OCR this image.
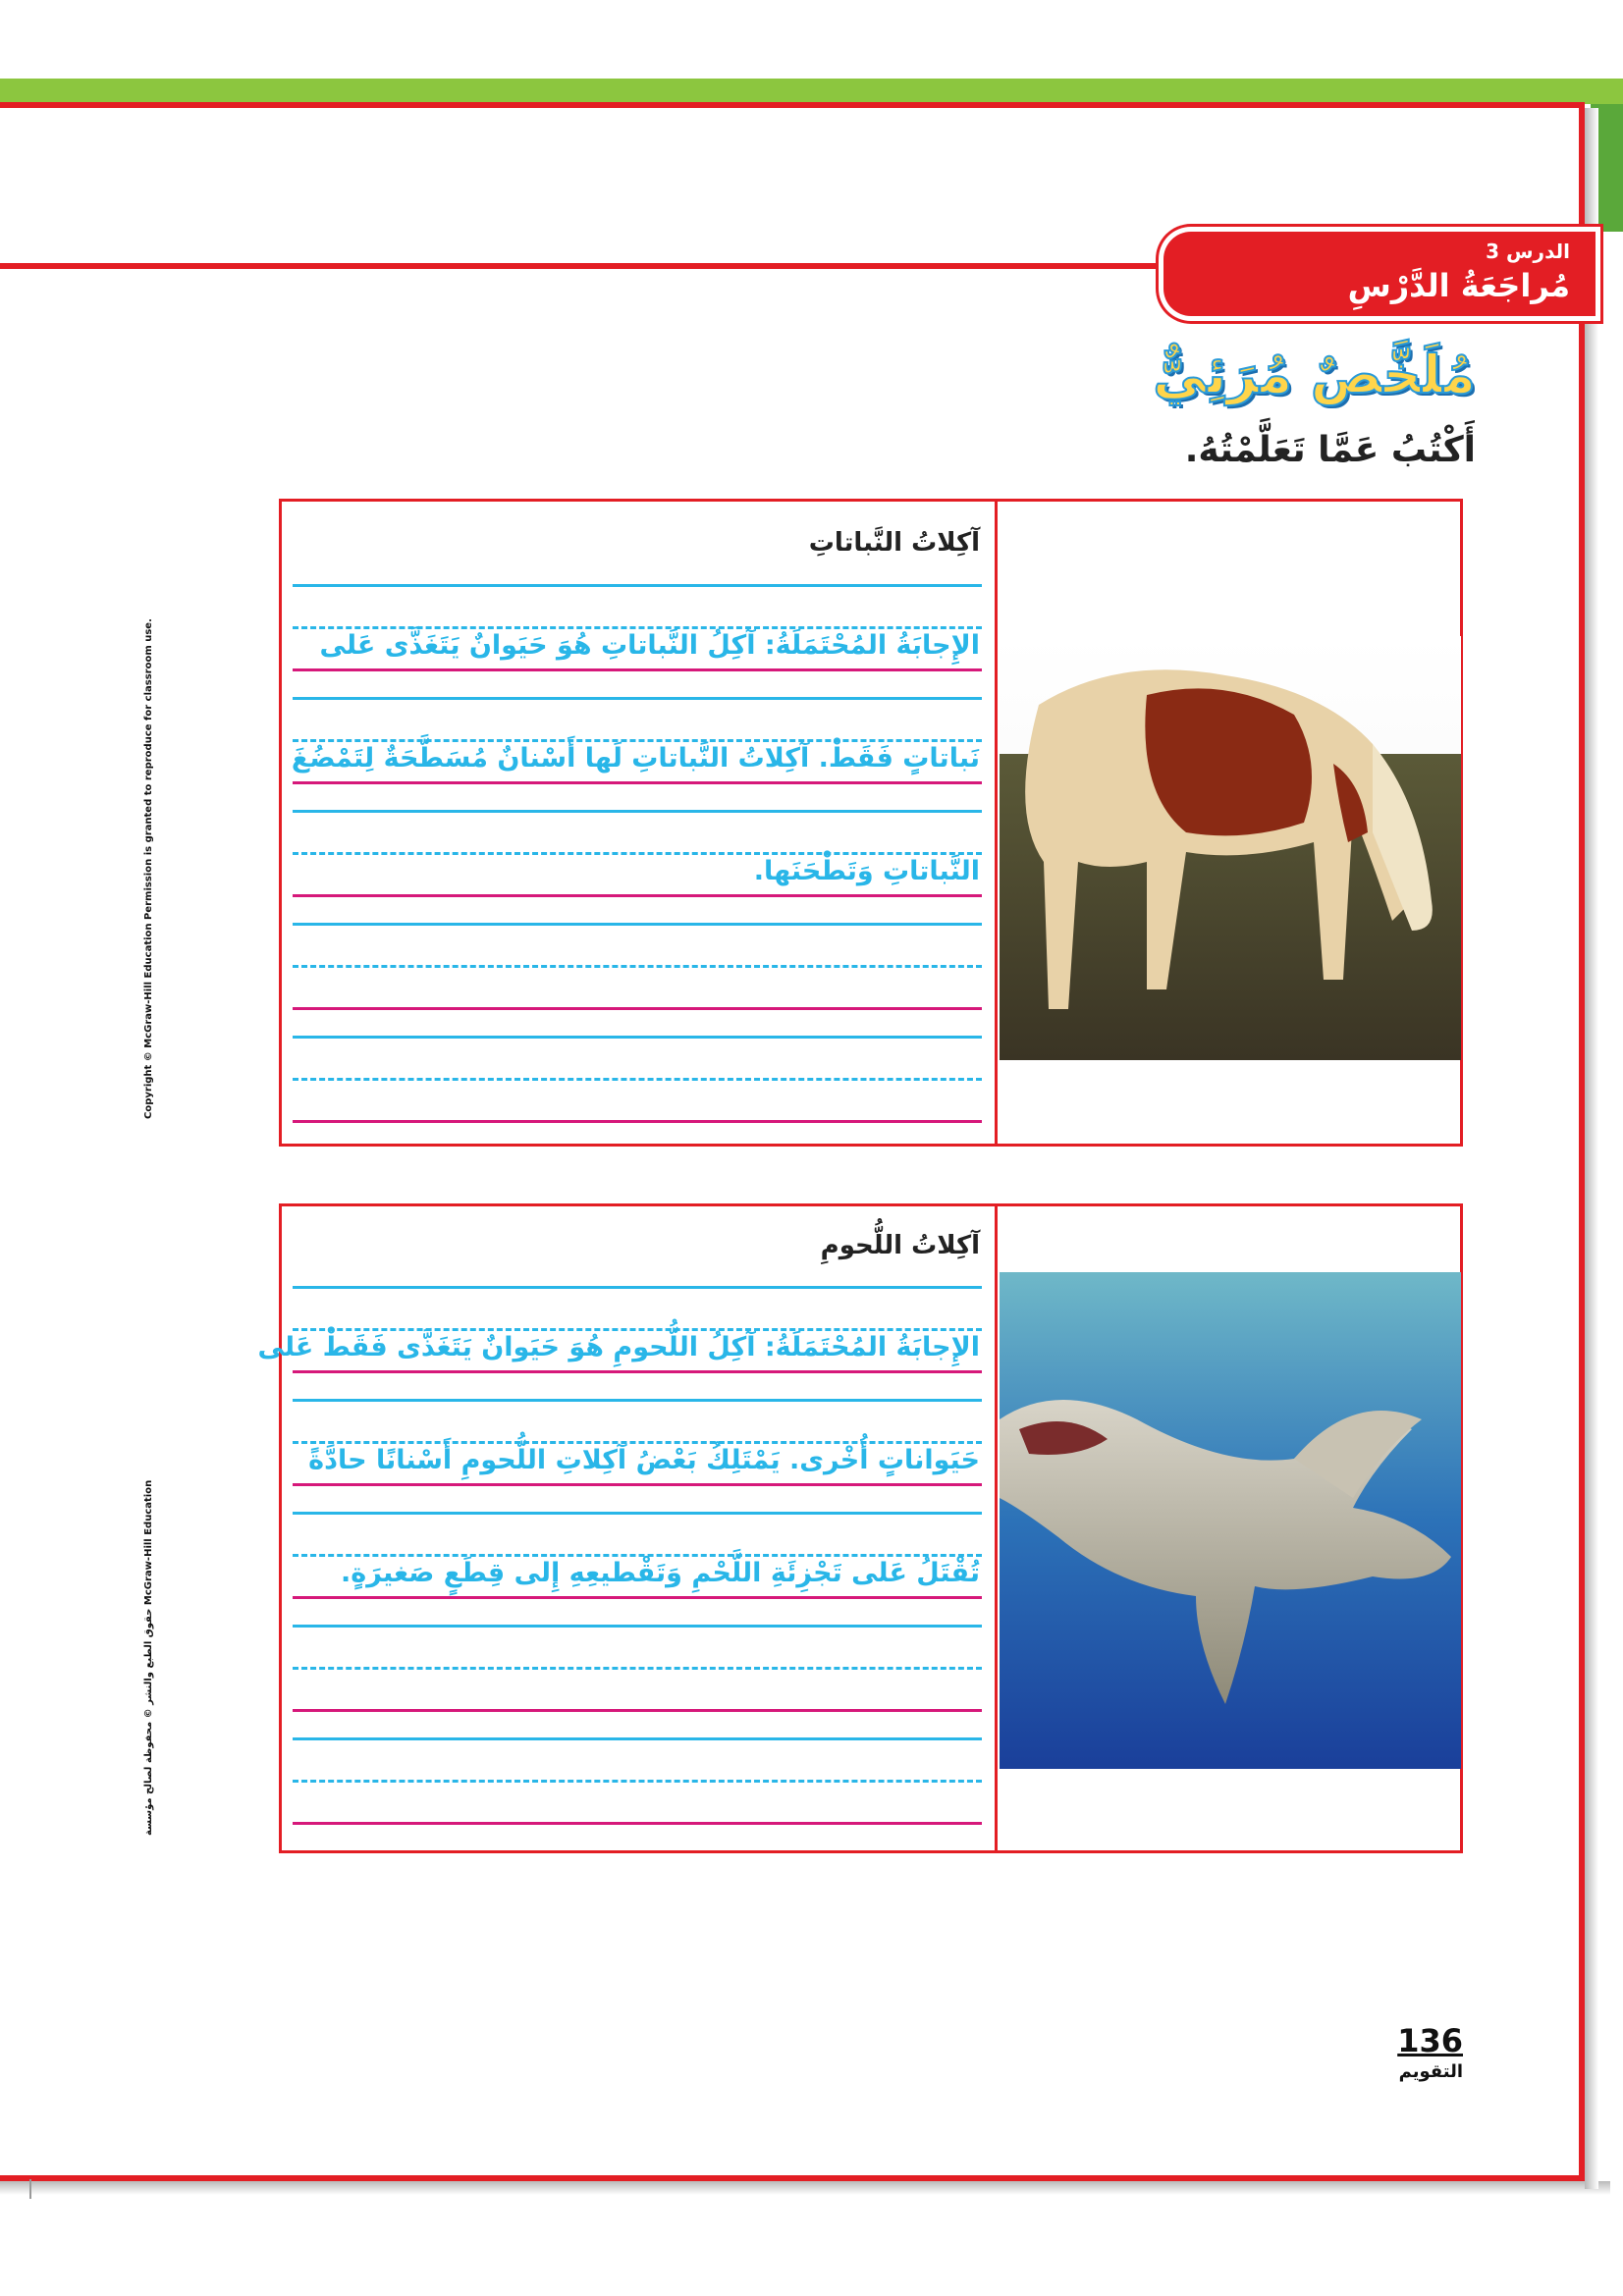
الدرس 3
مُراجَعَةُ الدَّرْسِ
مُلَخَّصٌ مُرَئِيٌّ
أَكْتُبُ عَمَّا تَعَلَّمْتُهُ.
آكِلاتُ النَّباتاتِ
الإِجابَةُ المُحْتَمَلَةُ: آكِلُ النَّباتاتِ هُوَ حَيَوانٌ يَتَغَذَّى عَلى
نَباتاتٍ فَقَطْ. آكِلاتُ النَّباتاتِ لَها أَسْنانٌ مُسَطَّحَةٌ لِتَمْضُغَ
النَّباتاتِ وَتَطْحَنَها.
آكِلاتُ اللُّحومِ
الإِجابَةُ المُحْتَمَلَةُ: آكِلُ اللُّحومِ هُوَ حَيَوانٌ يَتَغَذَّى فَقَطْ عَلى
حَيَواناتٍ أُخْرى. يَمْتَلِكُ بَعْضُ آكِلاتِ اللُّحومِ أَسْنانًا حادَّةً
تُقْتَلُ عَلى تَجْزِئَةِ اللَّحْمِ وَتَقْطيعِهِ إِلى قِطَعٍ صَغيرَةٍ.
Copyright © McGraw-Hill Education Permission is granted to reproduce for classroom use.
حقوق الطبع والنشر © محفوظة لصالح مؤسسة McGraw-Hill Education
136
التقويم
